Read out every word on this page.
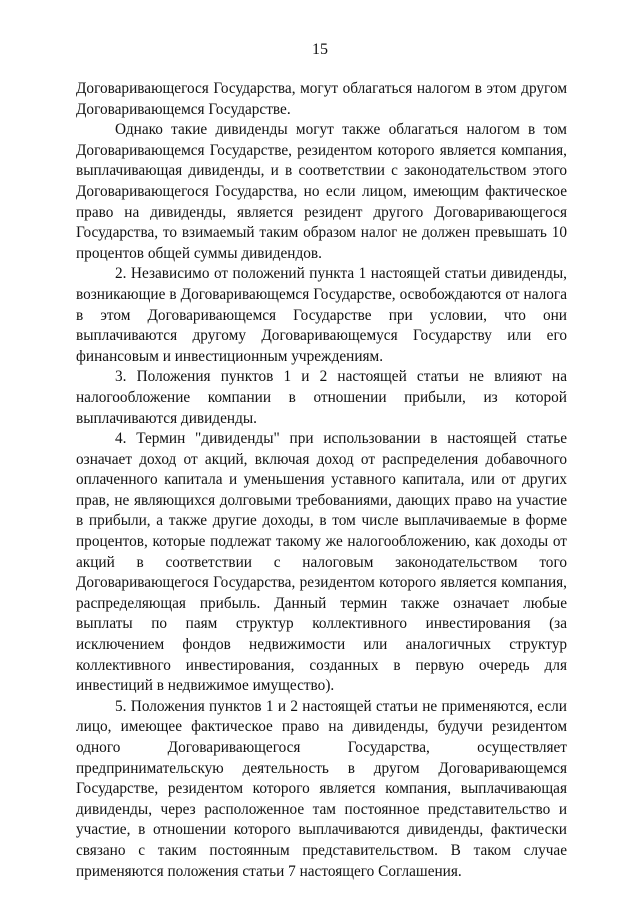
15

Договаривающегося Государства, могут облагаться налогом в этом другом Договаривающемся Государстве.

Однако такие дивиденды могут также облагаться налогом в том Договаривающемся Государстве, резидентом которого является компания, выплачивающая дивиденды, и в соответствии с законодательством этого Договаривающегося Государства, но если лицом, имеющим фактическое право на дивиденды, является резидент другого Договаривающегося Государства, то взимаемый таким образом налог не должен превышать 10 процентов общей суммы дивидендов.

2. Независимо от положений пункта 1 настоящей статьи дивиденды, возникающие в Договаривающемся Государстве, освобождаются от налога в этом Договаривающемся Государстве при условии, что они выплачиваются другому Договаривающемуся Государству или его финансовым и инвестиционным учреждениям.

3. Положения пунктов 1 и 2 настоящей статьи не влияют на налогообложение компании в отношении прибыли, из которой выплачиваются дивиденды.

4. Термин "дивиденды" при использовании в настоящей статье означает доход от акций, включая доход от распределения добавочного оплаченного капитала и уменьшения уставного капитала, или от других прав, не являющихся долговыми требованиями, дающих право на участие в прибыли, а также другие доходы, в том числе выплачиваемые в форме процентов, которые подлежат такому же налогообложению, как доходы от акций в соответствии с налоговым законодательством того Договаривающегося Государства, резидентом которого является компания, распределяющая прибыль. Данный термин также означает любые выплаты по паям структур коллективного инвестирования (за исключением фондов недвижимости или аналогичных структур коллективного инвестирования, созданных в первую очередь для инвестиций в недвижимое имущество).

5. Положения пунктов 1 и 2 настоящей статьи не применяются, если лицо, имеющее фактическое право на дивиденды, будучи резидентом одного Договаривающегося Государства, осуществляет предпринимательскую деятельность в другом Договаривающемся Государстве, резидентом которого является компания, выплачивающая дивиденды, через расположенное там постоянное представительство и участие, в отношении которого выплачиваются дивиденды, фактически связано с таким постоянным представительством. В таком случае применяются положения статьи 7 настоящего Соглашения.
